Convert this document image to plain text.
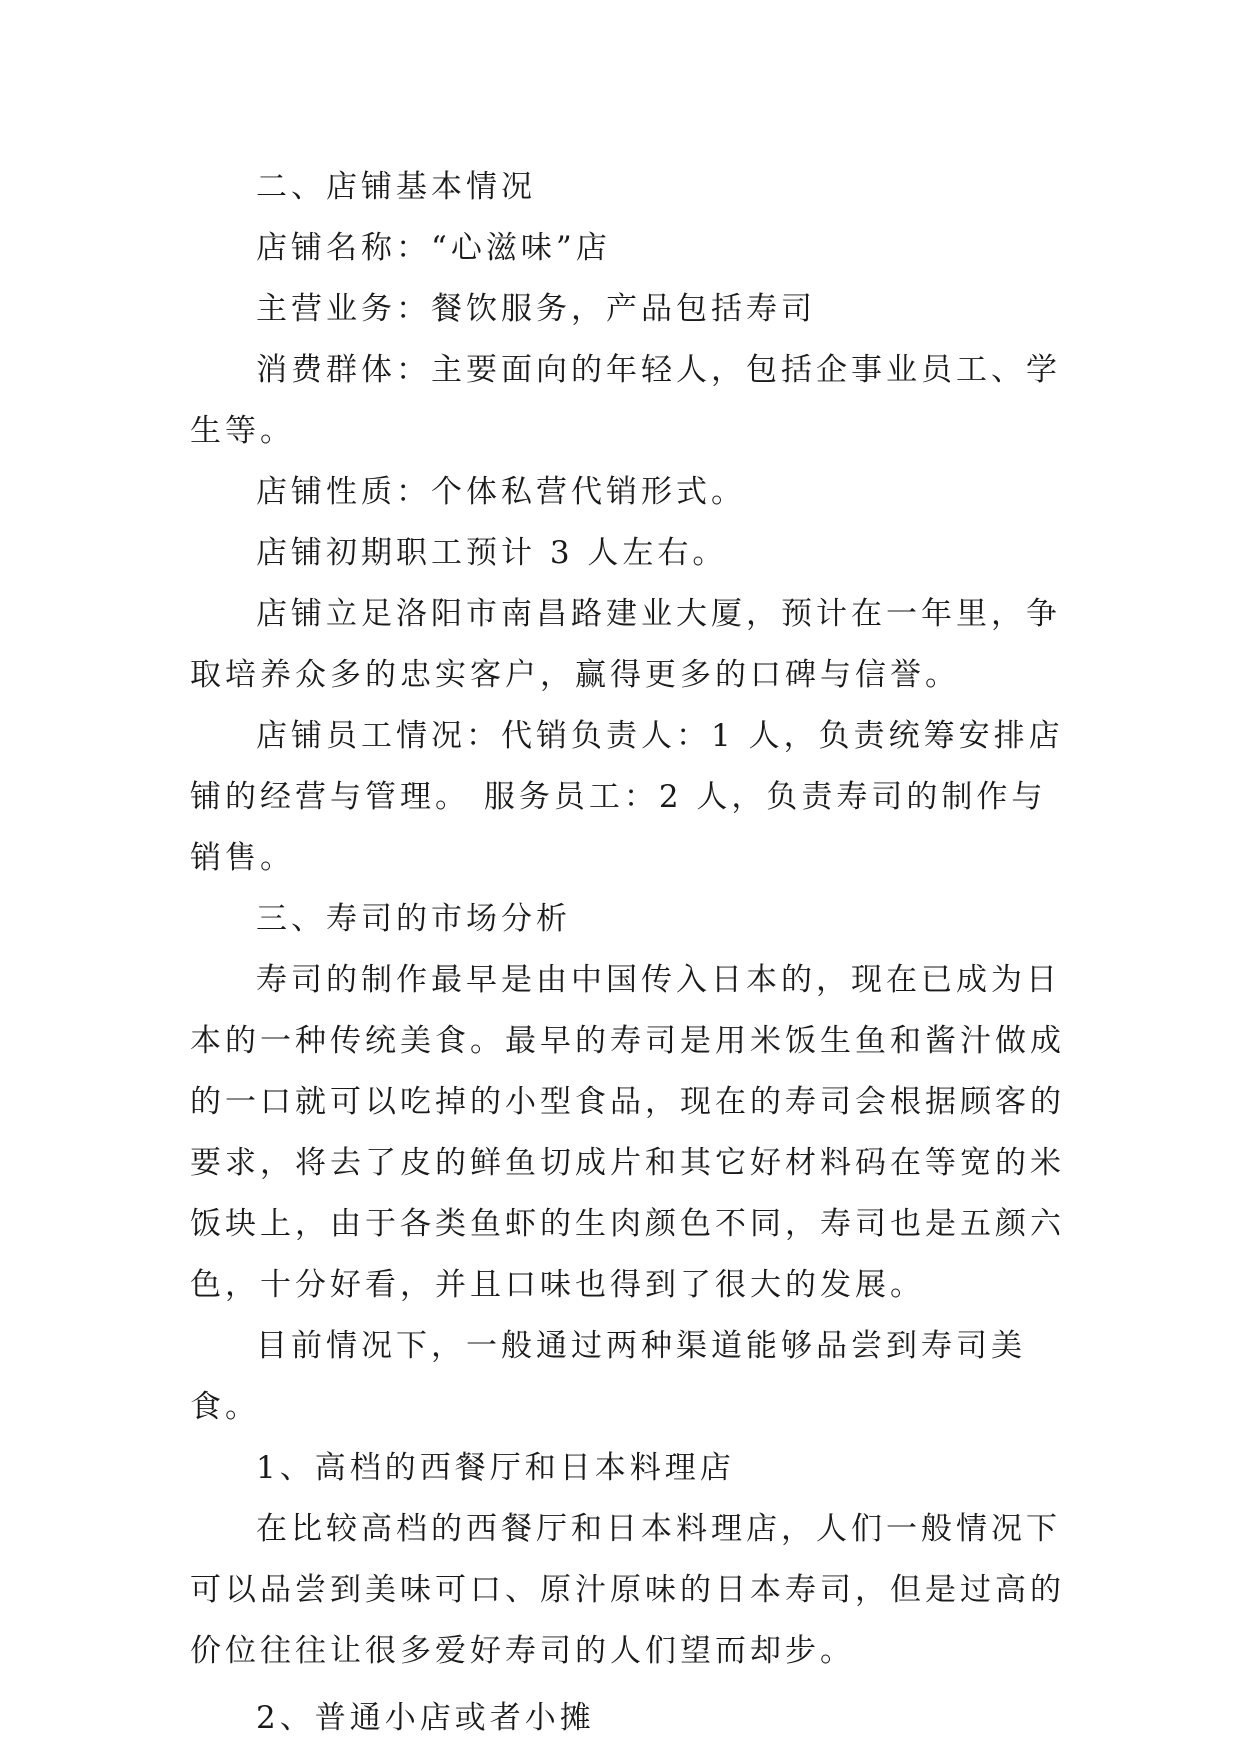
二、店铺基本情况

店铺名称：“心滋味”店

主营业务：餐饮服务，产品包括寿司

消费群体：主要面向的年轻人，包括企事业员工、学生等。

店铺性质：个体私营代销形式。

店铺初期职工预计 3 人左右。

店铺立足洛阳市南昌路建业大厦，预计在一年里，争取培养众多的忠实客户，赢得更多的口碑与信誉。

店铺员工情况：代销负责人：1 人，负责统筹安排店铺的经营与管理。 服务员工：2 人，负责寿司的制作与销售。

三、寿司的市场分析

寿司的制作最早是由中国传入日本的，现在已成为日本的一种传统美食。最早的寿司是用米饭生鱼和酱汁做成的一口就可以吃掉的小型食品，现在的寿司会根据顾客的要求，将去了皮的鲜鱼切成片和其它好材料码在等宽的米饭块上，由于各类鱼虾的生肉颜色不同，寿司也是五颜六色，十分好看，并且口味也得到了很大的发展。

目前情况下，一般通过两种渠道能够品尝到寿司美食。

1、高档的西餐厅和日本料理店

在比较高档的西餐厅和日本料理店，人们一般情况下可以品尝到美味可口、原汁原味的日本寿司，但是过高的价位往往让很多爱好寿司的人们望而却步。

2、普通小店或者小摊
